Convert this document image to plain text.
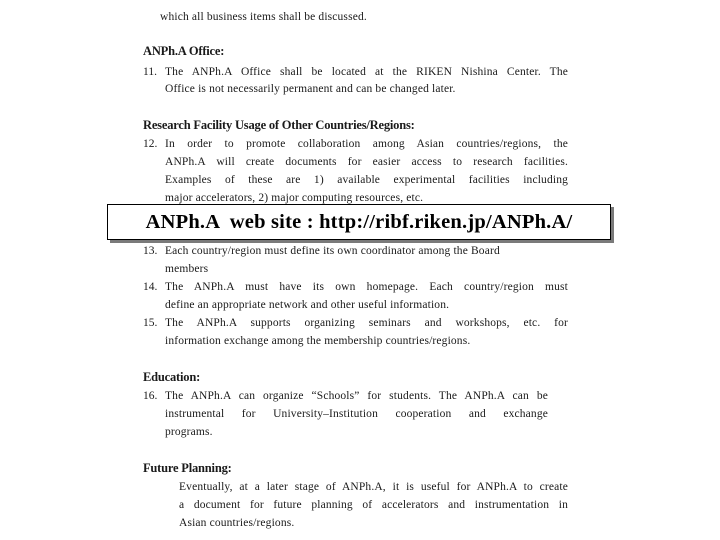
which all business items shall be discussed.
ANPh.A Office:
11. The ANPh.A Office shall be located at the RIKEN Nishina Center. The
Office is not necessarily permanent and can be changed later.
Research Facility Usage of Other Countries/Regions:
12. In order to promote collaboration among Asian countries/regions, the
ANPh.A will create documents for easier access to research facilities.
Examples of these are 1) available experimental facilities including
major accelerators, 2) major computing resources, etc.
13. Each country/region must define its own coordinator among the Board
members
14. The ANPh.A must have its own homepage. Each country/region must
define an appropriate network and other useful information.
15. The ANPh.A supports organizing seminars and workshops, etc. for
information exchange among the membership countries/regions.
Education:
16. The ANPh.A can organize “Schools” for students. The ANPh.A can be
instrumental for University–Institution cooperation and exchange
programs.
Future Planning:
Eventually, at a later stage of ANPh.A, it is useful for ANPh.A to create
a document for future planning of accelerators and instrumentation in
Asian countries/regions.
ANPh.A  web site : http://ribf.riken.jp/ANPh.A/
